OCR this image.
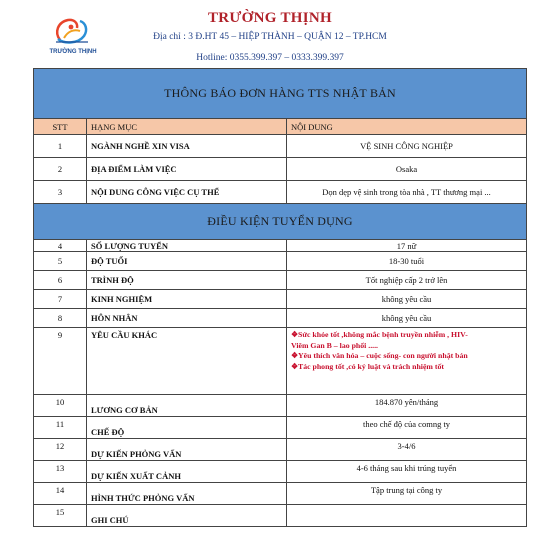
TRƯỜNG THỊNH
TRƯỜNG THỊNH
Địa chỉ : 3 Đ.HT 45 – HIỆP THÀNH – QUẬN 12 – TP.HCM
Hotline: 0355.399.397 – 0333.399.397
THÔNG BÁO ĐƠN HÀNG TTS NHẬT BẢN		
STT	HẠNG MỤC	NỘI DUNG
1	NGÀNH NGHỀ XIN VISA	VỆ SINH CÔNG NGHIỆP
2	ĐỊA ĐIỂM LÀM VIỆC	Osaka
3	NỘI DUNG CÔNG VIỆC CỤ THỂ	Dọn dẹp vệ sinh trong tòa nhà , TT thương mại ...
ĐIỀU KIỆN TUYỂN DỤNG		
4	SỐ LƯỢNG TUYỂN	17 nữ
5	ĐỘ TUỔI	18-30 tuổi
6	TRÌNH ĐỘ	Tốt nghiệp cấp 2 trở lên
7	KINH NGHIỆM	không yêu cầu
8	HÔN NHÂN	không yêu cầu
9	YÊU CẦU KHÁC	❖Sức khỏe tốt ,không mắc bệnh truyền nhiễm , HIV-
Viêm Gan B – lao phổi .....
❖Yêu thích văn hóa – cuộc sống- con người nhật bản
❖Tác phong tốt ,có kỷ luật và trách nhiệm tốt

10	LƯƠNG CƠ BẢN	184.870 yên/tháng
11	CHẾ ĐỘ	theo chế độ của comng ty
12	DỰ KIẾN PHỎNG VẤN	3-4/6
13	DỰ KIẾN XUẤT CẢNH	4-6 tháng sau khi trúng tuyển
14	HÌNH THỨC PHỎNG VẤN	Tập trung tại công ty
15	GHI CHÚ	
